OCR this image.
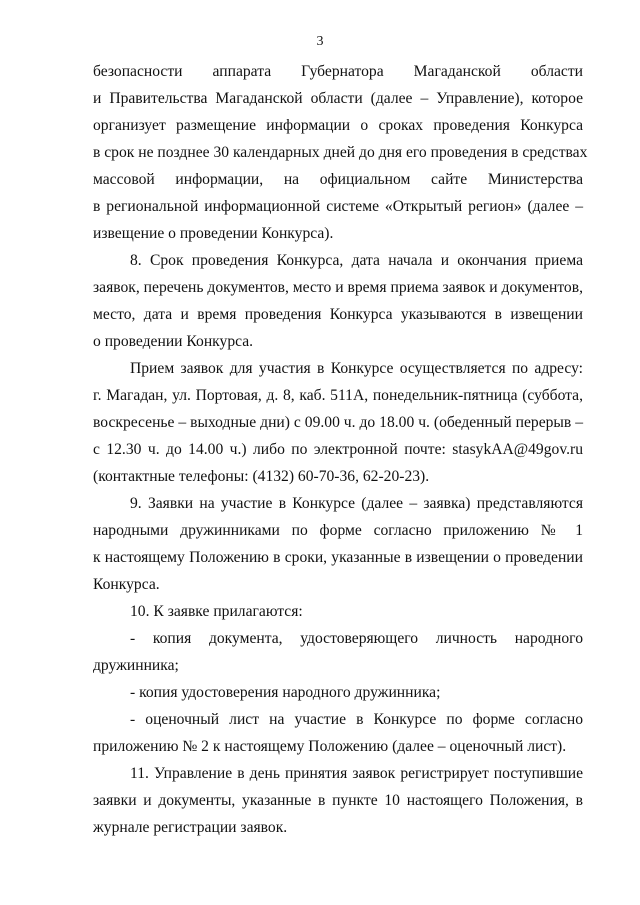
3
безопасности аппарата Губернатора Магаданской области
и Правительства Магаданской области (далее – Управление), которое
организует размещение информации о сроках проведения Конкурса
в срок не позднее 30 календарных дней до дня его проведения в средствах
массовой информации, на официальном сайте Министерства
в региональной информационной системе «Открытый регион» (далее –
извещение о проведении Конкурса).
8. Срок проведения Конкурса, дата начала и окончания приема
заявок, перечень документов, место и время приема заявок и документов,
место, дата и время проведения Конкурса указываются в извещении
о проведении Конкурса.
Прием заявок для участия в Конкурсе осуществляется по адресу:
г. Магадан, ул. Портовая, д. 8, каб. 511А, понедельник-пятница (суббота,
воскресенье – выходные дни) с 09.00 ч. до 18.00 ч. (обеденный перерыв –
с 12.30 ч. до 14.00 ч.) либо по электронной почте: stasykAA@49gov.ru
(контактные телефоны: (4132) 60-70-36, 62-20-23).
9. Заявки на участие в Конкурсе (далее – заявка) представляются
народными дружинниками по форме согласно приложению № 1
к настоящему Положению в сроки, указанные в извещении о проведении
Конкурса.
10. К заявке прилагаются:
- копия документа, удостоверяющего личность народного
дружинника;
- копия удостоверения народного дружинника;
- оценочный лист на участие в Конкурсе по форме согласно
приложению № 2 к настоящему Положению (далее – оценочный лист).
11. Управление в день принятия заявок регистрирует поступившие
заявки и документы, указанные в пункте 10 настоящего Положения, в
журнале регистрации заявок.
